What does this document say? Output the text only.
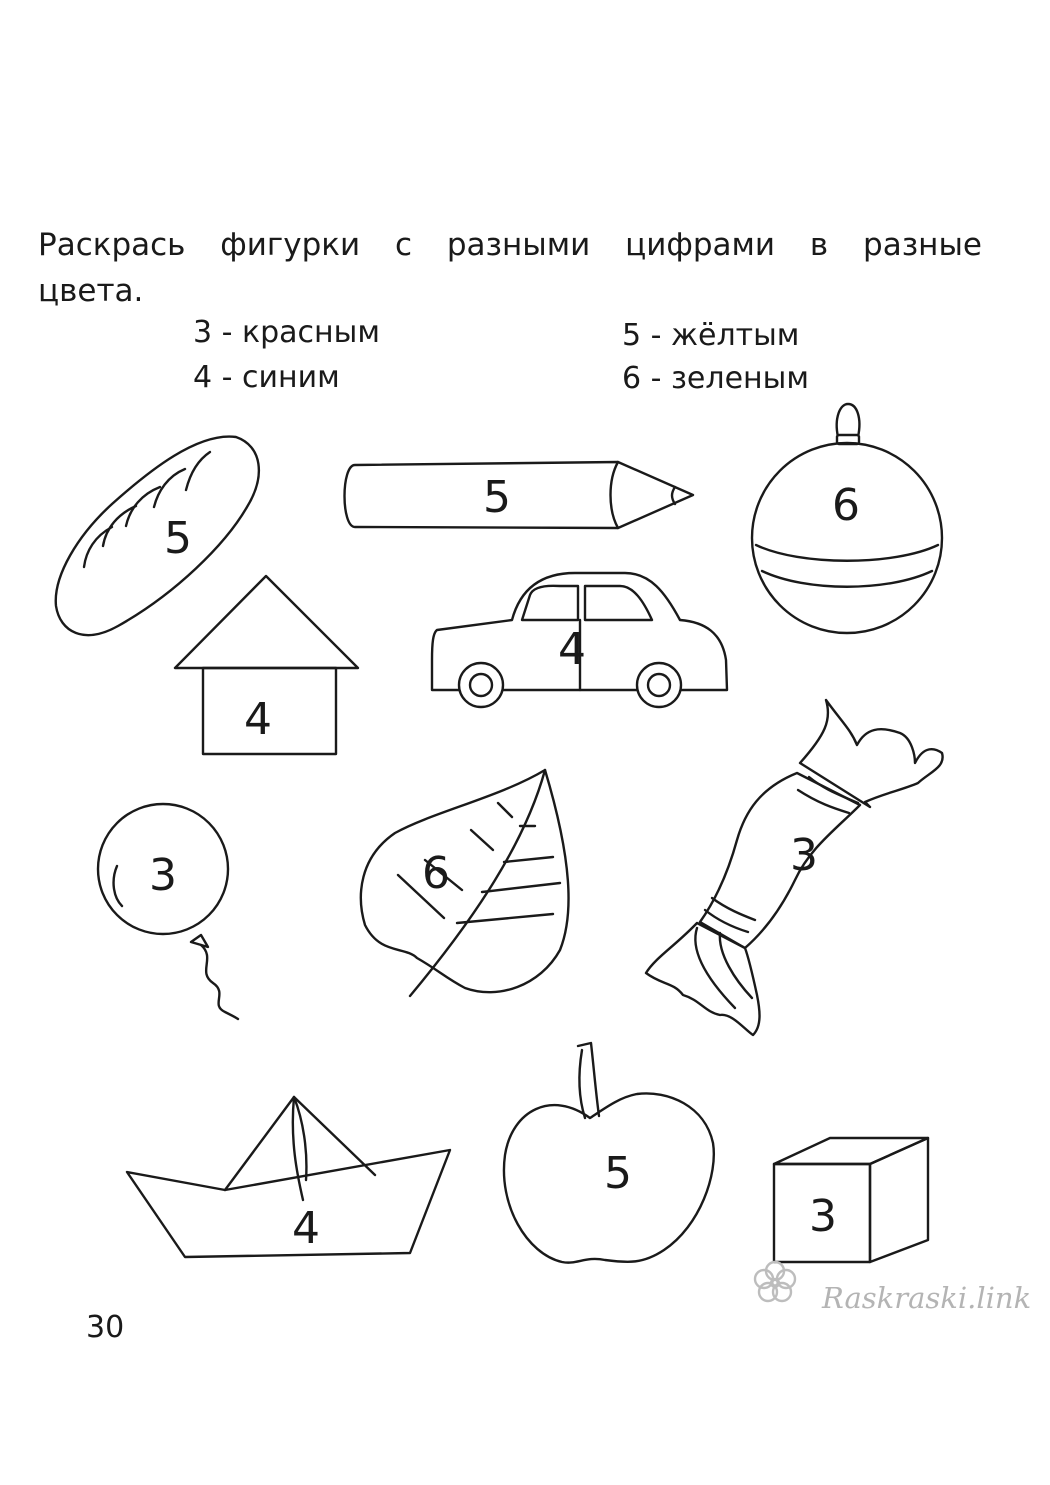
Раскрась фигурки с разными цифрами в разные цвета.

3 - красным
4 - синим
5 - жёлтым
6 - зеленым
5
5	6
4
4
3	6	3
4
5
3
Raskraski.link
30
